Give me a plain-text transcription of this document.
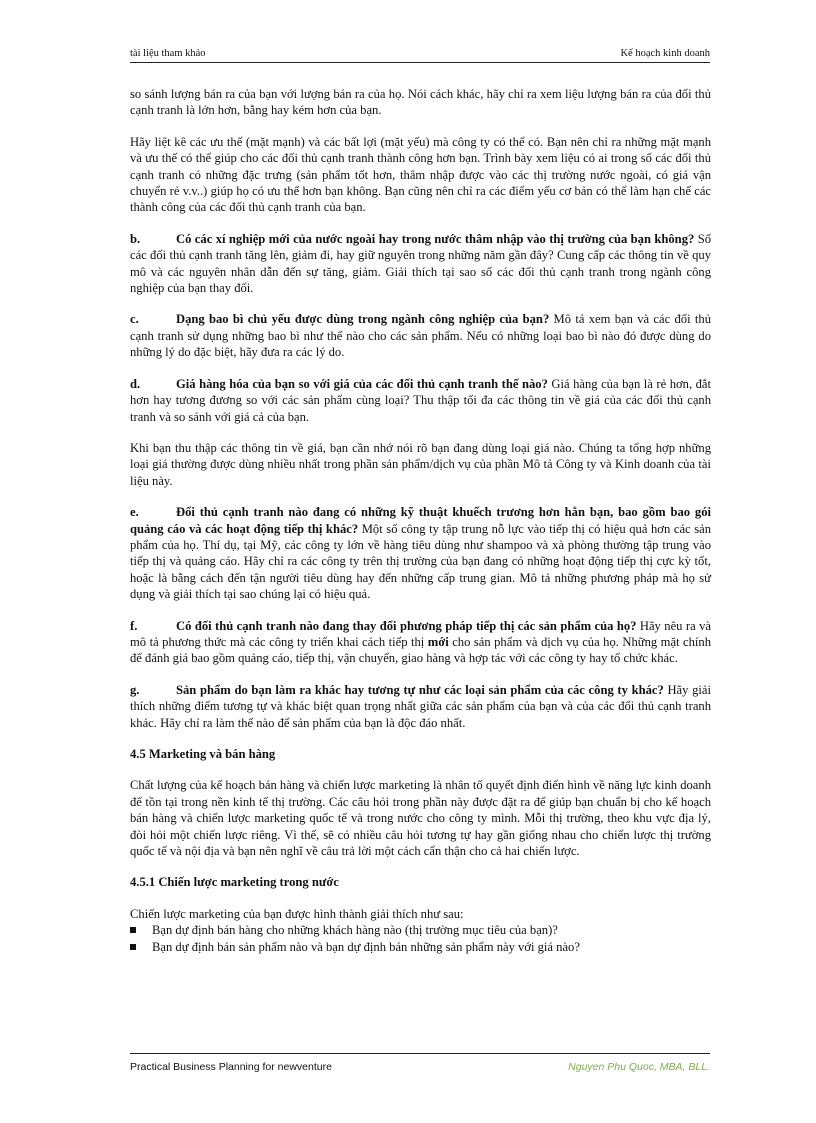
tài liệu tham khảo	Kế hoạch kinh doanh

so sánh lượng bán ra của bạn với lượng bán ra của họ. Nói cách khác, hãy chỉ ra xem liệu lượng bán ra của đối thủ cạnh tranh là lớn hơn, bằng hay kém hơn của bạn.

Hãy liệt kê các ưu thế (mặt mạnh) và các bất lợi (mặt yếu) mà công ty có thể có. Bạn nên chỉ ra những mặt mạnh và ưu thế có thể giúp cho các đối thủ cạnh tranh thành công hơn bạn. Trình bày xem liệu có ai trong số các đối thủ cạnh tranh có những đặc trưng (sản phẩm tốt hơn, thâm nhập được vào các thị trường nước ngoài, có giá vận chuyển rẻ v.v..) giúp họ có ưu thế hơn bạn không. Bạn cũng nên chỉ ra các điểm yếu cơ bản có thể làm hạn chế các thành công của các đối thủ cạnh tranh của bạn.

b.	Có các xí nghiệp mới của nước ngoài hay trong nước thâm nhập vào thị trường của bạn không? Số các đối thủ cạnh tranh tăng lên, giảm đi, hay giữ nguyên trong những năm gần đây? Cung cấp các thông tin về quy mô và các nguyên nhân dẫn đến sự tăng, giảm. Giải thích tại sao số các đối thủ cạnh tranh trong ngành công nghiệp của bạn thay đổi.

c.	Dạng bao bì chủ yếu được dùng trong ngành công nghiệp của bạn? Mô tả xem bạn và các đối thủ cạnh tranh sử dụng những bao bì như thế nào cho các sản phẩm. Nếu có những loại bao bì nào đó được dùng do những lý do đặc biệt, hãy đưa ra các lý do.

d.	Giá hàng hóa của bạn so với giá của các đối thủ cạnh tranh thế nào? Giá hàng của bạn là rẻ hơn, đắt hơn hay tương đương so với các sản phẩm cùng loại? Thu thập tối đa các thông tin về giá của các đối thủ cạnh tranh và so sánh với giá cả của bạn.

Khi bạn thu thập các thông tin về giá, bạn cần nhớ nói rõ bạn đang dùng loại giá nào. Chúng ta tổng hợp những loại giá thường được dùng nhiều nhất trong phần sản phẩm/dịch vụ của phần Mô tả Công ty và Kinh doanh của tài liệu này.

e.	Đối thủ cạnh tranh nào đang có những kỹ thuật khuếch trương hơn hẳn bạn, bao gồm bao gói quảng cáo và các hoạt động tiếp thị khác? Một số công ty tập trung nỗ lực vào tiếp thị có hiệu quả hơn các sản phẩm của họ. Thí dụ, tại Mỹ, các công ty lớn về hàng tiêu dùng như shampoo và xà phòng thường tập trung vào tiếp thị và quảng cáo. Hãy chỉ ra các công ty trên thị trường của bạn đang có những hoạt động tiếp thị cực kỳ tốt, hoặc là bằng cách đến tận người tiêu dùng hay đến những cấp trung gian. Mô tả những phương pháp mà họ sử dụng và giải thích tại sao chúng lại có hiệu quả.

f.	Có đối thủ cạnh tranh nào đang thay đổi phương pháp tiếp thị các sản phẩm của họ? Hãy nêu ra và mô tả phương thức mà các công ty triển khai cách tiếp thị mới cho sản phẩm và dịch vụ của họ. Những mặt chính để đánh giá bao gồm quảng cáo, tiếp thị, vận chuyển, giao hàng và hợp tác với các công ty hay tổ chức khác.

g.	Sản phẩm do bạn làm ra khác hay tương tự như các loại sản phẩm của các công ty khác? Hãy giải thích những điểm tương tự và khác biệt quan trọng nhất giữa các sản phẩm của bạn và của các đối thủ cạnh tranh khác. Hãy chỉ ra làm thế nào để sản phẩm của bạn là độc đáo nhất.

4.5 Marketing và bán hàng

Chất lượng của kế hoạch bán hàng và chiến lược marketing là nhân tố quyết định điển hình về năng lực kinh doanh để tồn tại trong nền kinh tế thị trường. Các câu hỏi trong phần này được đặt ra để giúp bạn chuẩn bị cho kế hoạch bán hàng và chiến lược marketing quốc tế và trong nước cho công ty mình. Mỗi thị trường, theo khu vực địa lý, đòi hỏi một chiến lược riêng. Vì thế, sẽ có nhiều câu hỏi tương tự hay gần giống nhau cho chiến lược thị trường quốc tế và nội địa và bạn nên nghĩ về câu trả lời một cách cẩn thận cho cả hai chiến lược.

4.5.1 Chiến lược marketing trong nước

Chiến lược marketing của bạn được hình thành giải thích như sau:

Bạn dự định bán hàng cho những khách hàng nào (thị trường mục tiêu của bạn)?
Bạn dự định bán sản phẩm nào và bạn dự định bán những sản phẩm này với giá nào?
Practical Business Planning for newventure	Nguyen Phu Quoc, MBA, BLL.
